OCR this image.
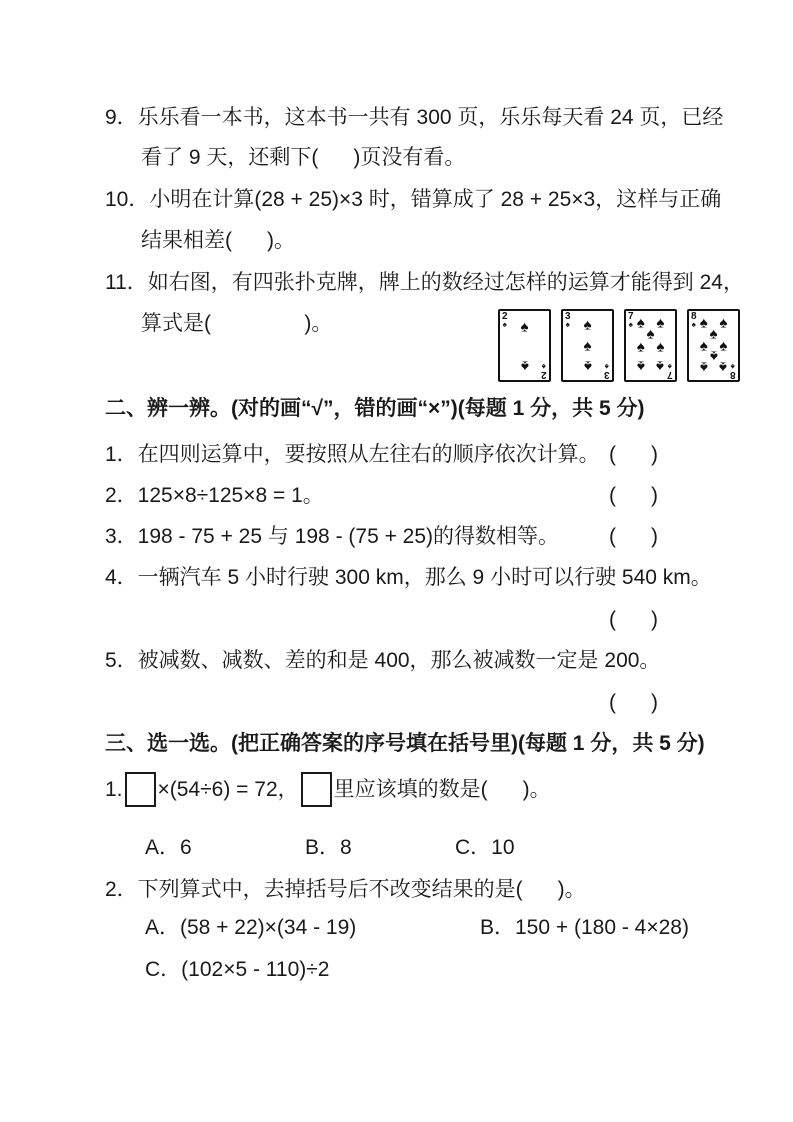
9．乐乐看一本书，这本书一共有 300 页，乐乐每天看 24 页，已经
看了 9 天，还剩下(      )页没有看。
10．小明在计算(28 + 25)×3 时，错算成了 28 + 25×3，这样与正确
结果相差(      )。
11．如右图，有四张扑克牌，牌上的数经过怎样的运算才能得到 24，
算式是(                )。	2
♠
2
♠
♠
♠
3
♠
3
♠
♠
♠
♠
7
♠
7
♠
♠ ♠
♠
♠ ♠
♠ ♠
8
♠
8
♠
♠ ♠
♠
♠ ♠
♠
♠ ♠
二、辨一辨。(对的画“√”，错的画“×”)(每题 1 分，共 5 分)
1．在四则运算中，要按照从左往右的顺序依次计算。 (      )
2．125×8÷125×8 = 1。	(      )
3．198 - 75 + 25 与 198 - (75 + 25)的得数相等。 (      )
4．一辆汽车 5 小时行驶 300 km，那么 9 小时可以行驶 540 km。
(      )
5．被减数、减数、差的和是 400，那么被减数一定是 200。
(      )
三、选一选。(把正确答案的序号填在括号里)(每题 1 分，共 5 分)
1. ×(54÷6) = 72， 里应该填的数是(      )。
A．6	B．8	C．10
2．下列算式中，去掉括号后不改变结果的是(      )。
A．(58 + 22)×(34 - 19)	B．150 + (180 - 4×28)
C．(102×5 - 110)÷2
